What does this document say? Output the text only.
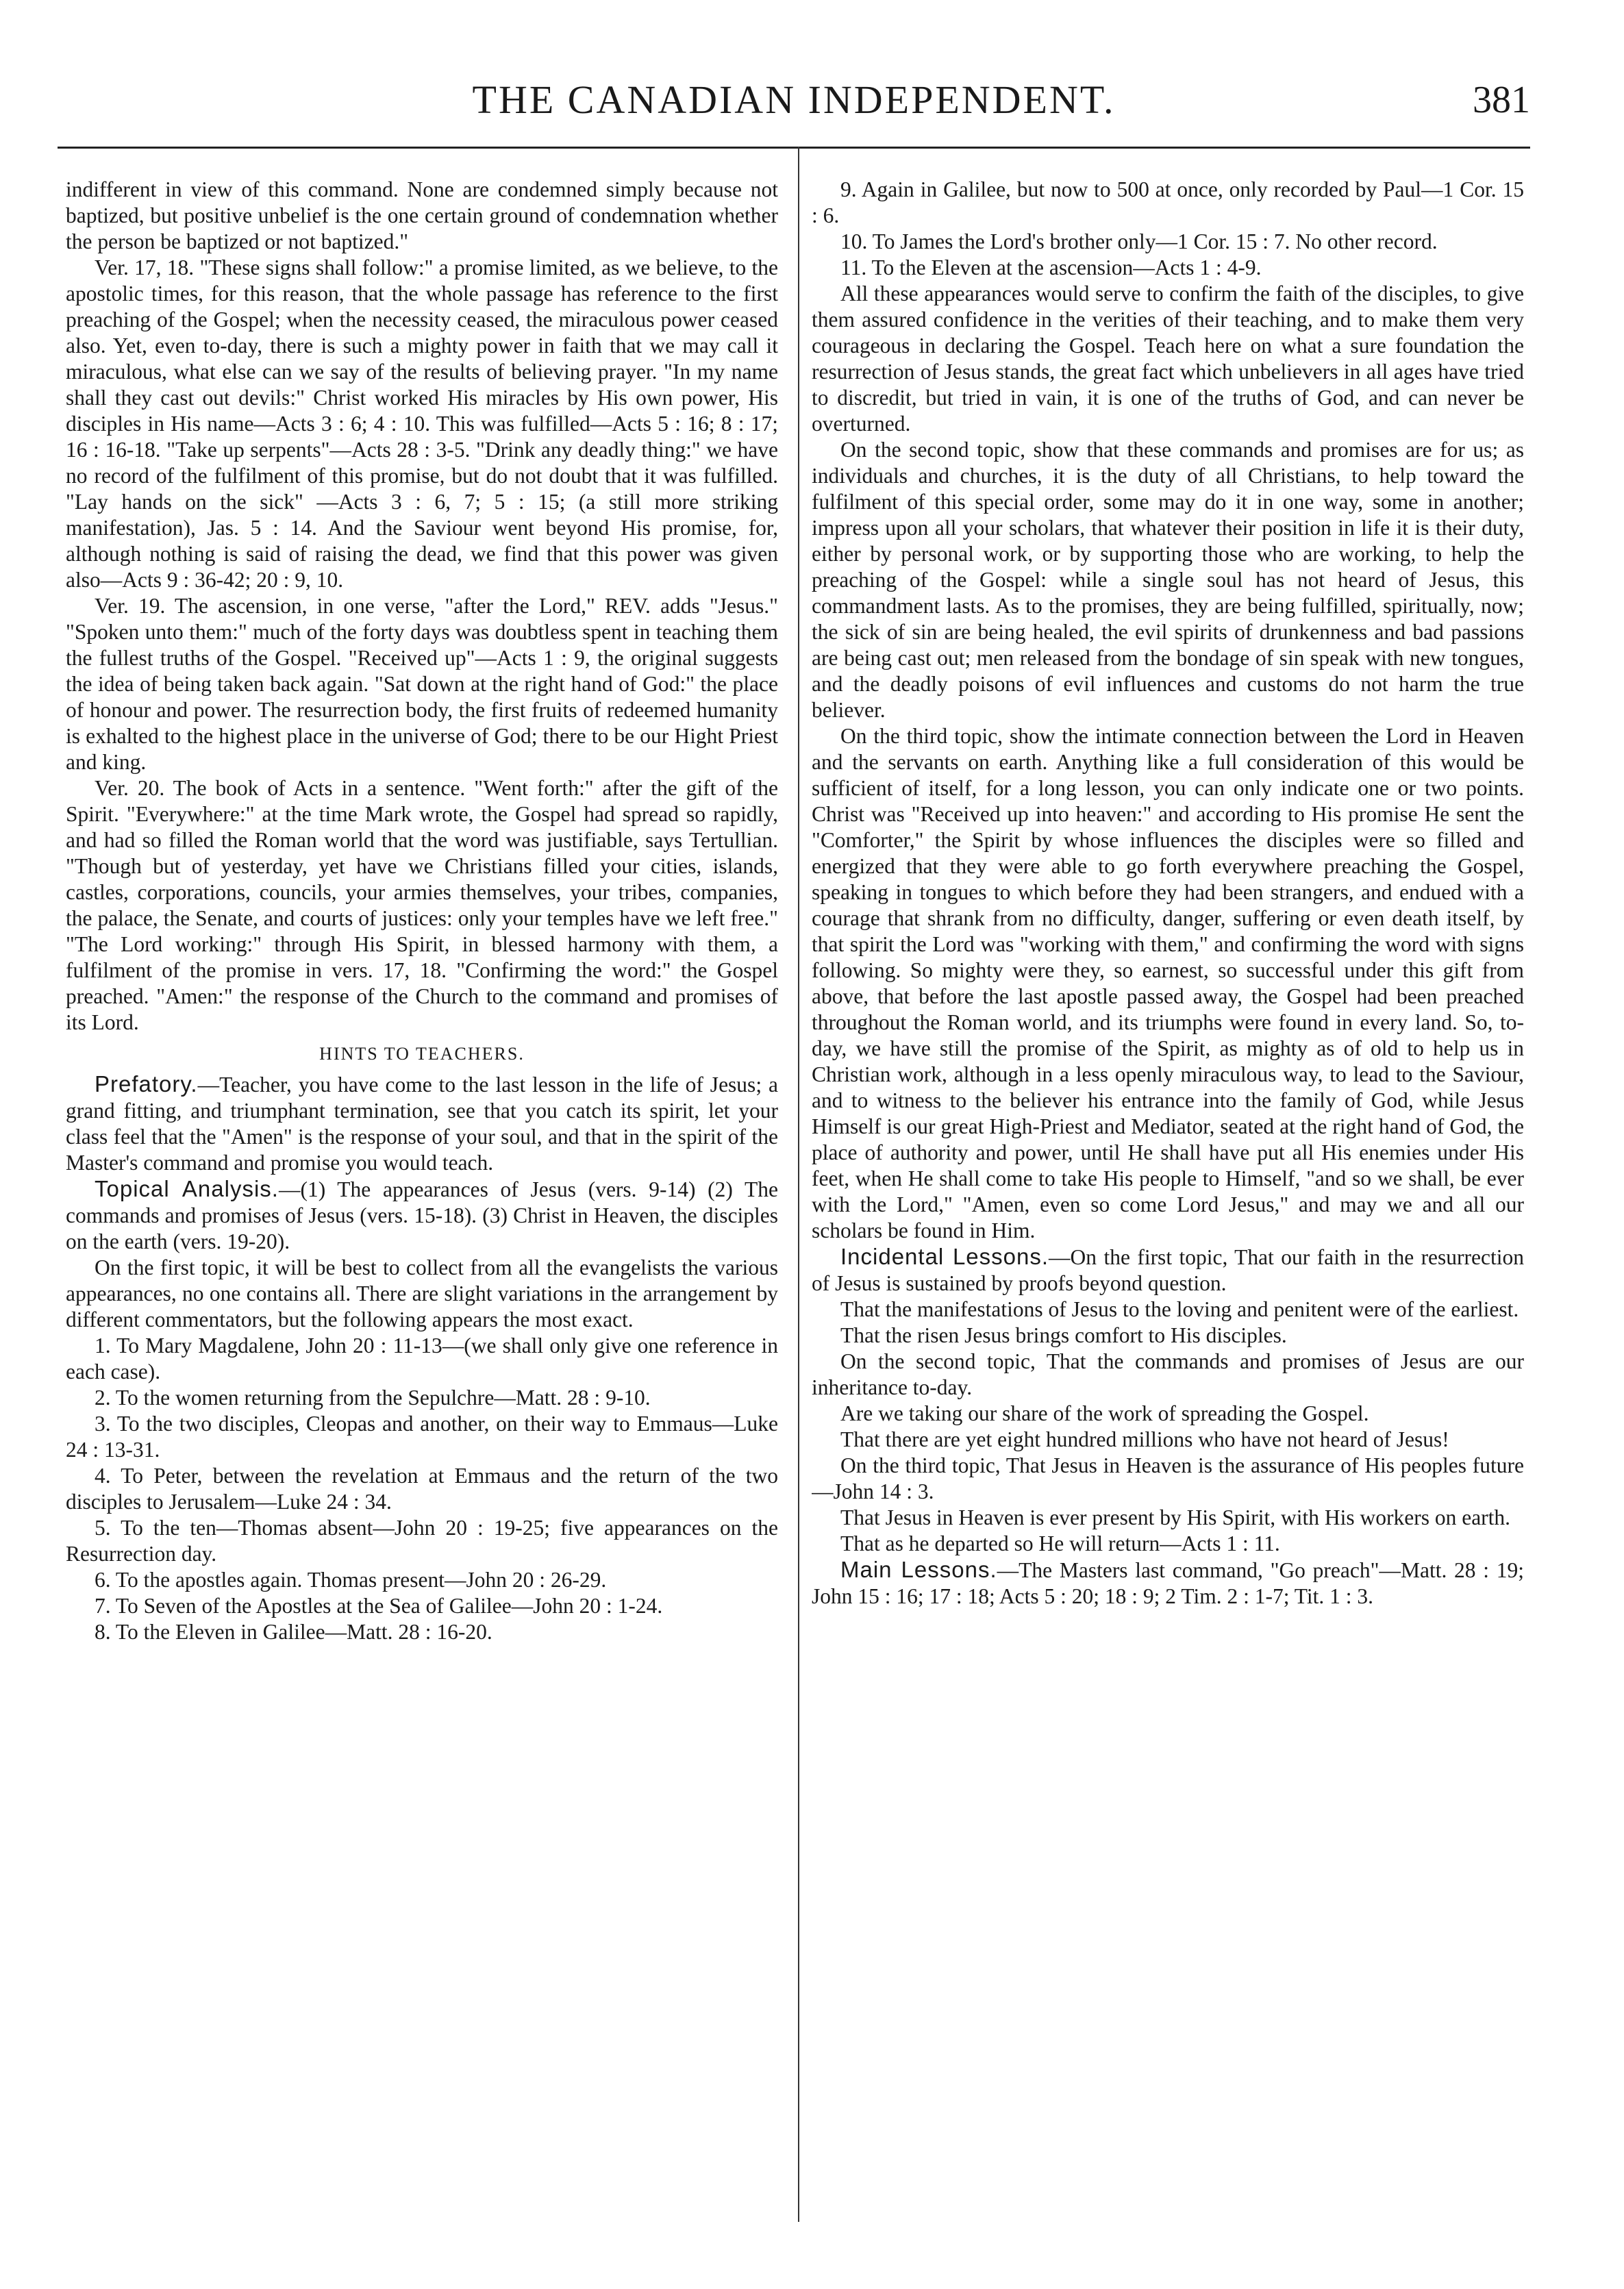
THE CANADIAN INDEPENDENT.	381

indifferent in view of this command. None are condemned simply because not baptized, but positive unbelief is the one certain ground of condemnation whether the person be baptized or not baptized."

Ver. 17, 18. "These signs shall follow:" a promise limited, as we believe, to the apostolic times, for this reason, that the whole passage has reference to the first preaching of the Gospel; when the necessity ceased, the miraculous power ceased also. Yet, even to-day, there is such a mighty power in faith that we may call it miraculous, what else can we say of the results of believing prayer. "In my name shall they cast out devils:" Christ worked His miracles by His own power, His disciples in His name—Acts 3 : 6; 4 : 10. This was fulfilled—Acts 5 : 16; 8 : 17; 16 : 16-18. "Take up serpents"—Acts 28 : 3-5. "Drink any deadly thing:" we have no record of the fulfilment of this promise, but do not doubt that it was fulfilled. "Lay hands on the sick" —Acts 3 : 6, 7; 5 : 15; (a still more striking manifestation), Jas. 5 : 14. And the Saviour went beyond His promise, for, although nothing is said of raising the dead, we find that this power was given also—Acts 9 : 36-42; 20 : 9, 10.

Ver. 19. The ascension, in one verse, "after the Lord," REV. adds "Jesus." "Spoken unto them:" much of the forty days was doubtless spent in teaching them the fullest truths of the Gospel. "Received up"—Acts 1 : 9, the original suggests the idea of being taken back again. "Sat down at the right hand of God:" the place of honour and power. The resurrection body, the first fruits of redeemed humanity is exhalted to the highest place in the universe of God; there to be our Hight Priest and king.

Ver. 20. The book of Acts in a sentence. "Went forth:" after the gift of the Spirit. "Everywhere:" at the time Mark wrote, the Gospel had spread so rapidly, and had so filled the Roman world that the word was justifiable, says Tertullian. "Though but of yesterday, yet have we Christians filled your cities, islands, castles, corporations, councils, your armies themselves, your tribes, companies, the palace, the Senate, and courts of justices: only your temples have we left free." "The Lord working:" through His Spirit, in blessed harmony with them, a fulfilment of the promise in vers. 17, 18. "Confirming the word:" the Gospel preached. "Amen:" the response of the Church to the command and promises of its Lord.

HINTS TO TEACHERS.

Prefatory.—Teacher, you have come to the last lesson in the life of Jesus; a grand fitting, and triumphant termination, see that you catch its spirit, let your class feel that the "Amen" is the response of your soul, and that in the spirit of the Master's command and promise you would teach.

Topical Analysis.—(1) The appearances of Jesus (vers. 9-14) (2) The commands and promises of Jesus (vers. 15-18). (3) Christ in Heaven, the disciples on the earth (vers. 19-20).

On the first topic, it will be best to collect from all the evangelists the various appearances, no one contains all. There are slight variations in the arrangement by different commentators, but the following appears the most exact.

1. To Mary Magdalene, John 20 : 11-13—(we shall only give one reference in each case).

2. To the women returning from the Sepulchre—Matt. 28 : 9-10.

3. To the two disciples, Cleopas and another, on their way to Emmaus—Luke 24 : 13-31.

4. To Peter, between the revelation at Emmaus and the return of the two disciples to Jerusalem—Luke 24 : 34.

5. To the ten—Thomas absent—John 20 : 19-25; five appearances on the Resurrection day.

6. To the apostles again. Thomas present—John 20 : 26-29.

7. To Seven of the Apostles at the Sea of Galilee—John 20 : 1-24.

8. To the Eleven in Galilee—Matt. 28 : 16-20.

9. Again in Galilee, but now to 500 at once, only recorded by Paul—1 Cor. 15 : 6.

10. To James the Lord's brother only—1 Cor. 15 : 7. No other record.

11. To the Eleven at the ascension—Acts 1 : 4-9.

All these appearances would serve to confirm the faith of the disciples, to give them assured confidence in the verities of their teaching, and to make them very courageous in declaring the Gospel. Teach here on what a sure foundation the resurrection of Jesus stands, the great fact which unbelievers in all ages have tried to discredit, but tried in vain, it is one of the truths of God, and can never be overturned.

On the second topic, show that these commands and promises are for us; as individuals and churches, it is the duty of all Christians, to help toward the fulfilment of this special order, some may do it in one way, some in another; impress upon all your scholars, that whatever their position in life it is their duty, either by personal work, or by supporting those who are working, to help the preaching of the Gospel: while a single soul has not heard of Jesus, this commandment lasts. As to the promises, they are being fulfilled, spiritually, now; the sick of sin are being healed, the evil spirits of drunkenness and bad passions are being cast out; men released from the bondage of sin speak with new tongues, and the deadly poisons of evil influences and customs do not harm the true believer.

On the third topic, show the intimate connection between the Lord in Heaven and the servants on earth. Anything like a full consideration of this would be sufficient of itself, for a long lesson, you can only indicate one or two points. Christ was "Received up into heaven:" and according to His promise He sent the "Comforter," the Spirit by whose influences the disciples were so filled and energized that they were able to go forth everywhere preaching the Gospel, speaking in tongues to which before they had been strangers, and endued with a courage that shrank from no difficulty, danger, suffering or even death itself, by that spirit the Lord was "working with them," and confirming the word with signs following. So mighty were they, so earnest, so successful under this gift from above, that before the last apostle passed away, the Gospel had been preached throughout the Roman world, and its triumphs were found in every land. So, to-day, we have still the promise of the Spirit, as mighty as of old to help us in Christian work, although in a less openly miraculous way, to lead to the Saviour, and to witness to the believer his entrance into the family of God, while Jesus Himself is our great High-Priest and Mediator, seated at the right hand of God, the place of authority and power, until He shall have put all His enemies under His feet, when He shall come to take His people to Himself, "and so we shall, be ever with the Lord," "Amen, even so come Lord Jesus," and may we and all our scholars be found in Him.

Incidental Lessons.—On the first topic, That our faith in the resurrection of Jesus is sustained by proofs beyond question.

That the manifestations of Jesus to the loving and penitent were of the earliest.

That the risen Jesus brings comfort to His disciples.

On the second topic, That the commands and promises of Jesus are our inheritance to-day.

Are we taking our share of the work of spreading the Gospel.

That there are yet eight hundred millions who have not heard of Jesus!

On the third topic, That Jesus in Heaven is the assurance of His peoples future—John 14 : 3.

That Jesus in Heaven is ever present by His Spirit, with His workers on earth.

That as he departed so He will return—Acts 1 : 11.

Main Lessons.—The Masters last command, "Go preach"—Matt. 28 : 19; John 15 : 16; 17 : 18; Acts 5 : 20; 18 : 9; 2 Tim. 2 : 1-7; Tit. 1 : 3.
